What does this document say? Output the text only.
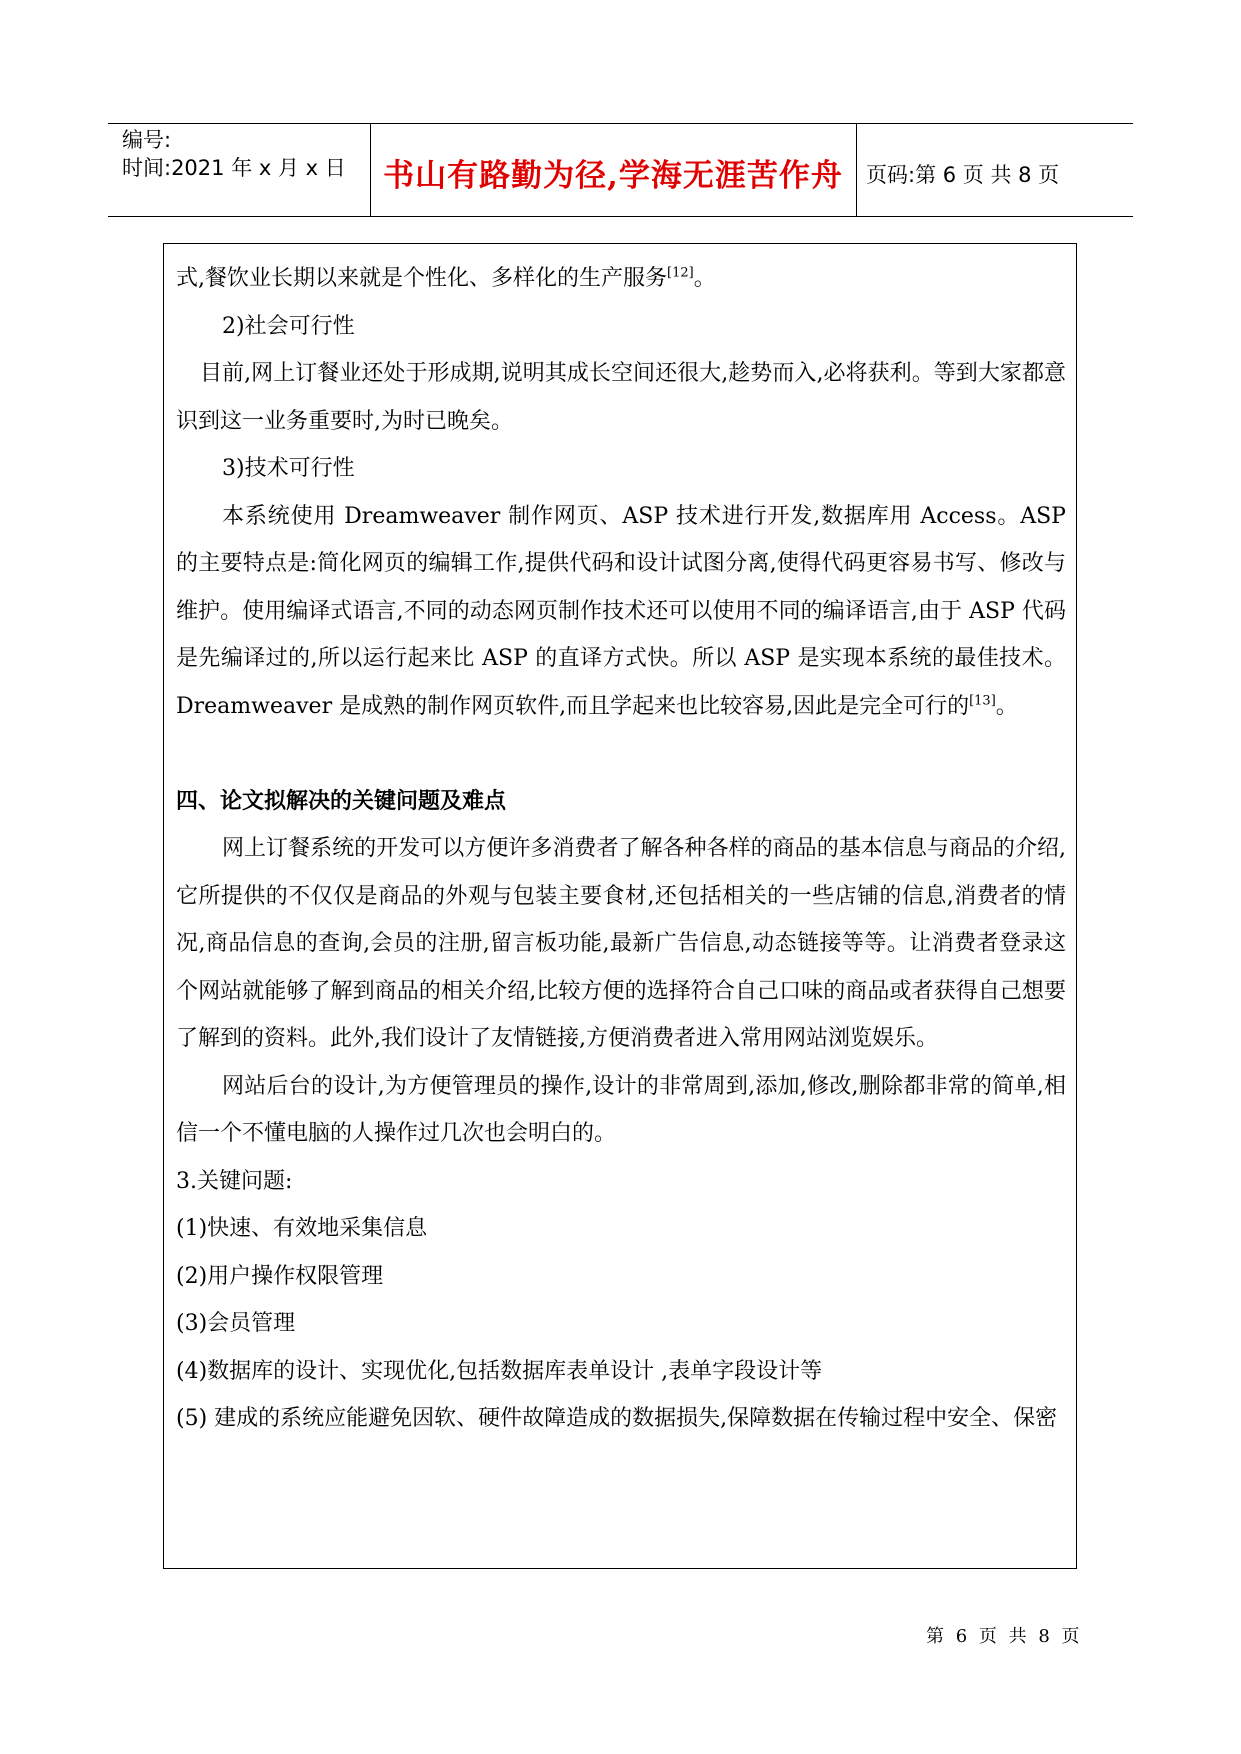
编号:
时间:2021 年 x 月 x 日	书山有路勤为径,学海无涯苦作舟	页码:第 6 页 共 8 页

式,餐饮业长期以来就是个性化、多样化的生产服务[12]。

2)社会可行性

目前,网上订餐业还处于形成期,说明其成长空间还很大,趁势而入,必将获利。等到大家都意识到这一业务重要时,为时已晚矣。

3)技术可行性

本系统使用 Dreamweaver 制作网页、ASP 技术进行开发,数据库用 Access。ASP 的主要特点是:简化网页的编辑工作,提供代码和设计试图分离,使得代码更容易书写、修改与维护。使用编译式语言,不同的动态网页制作技术还可以使用不同的编译语言,由于 ASP 代码是先编译过的,所以运行起来比 ASP 的直译方式快。所以 ASP 是实现本系统的最佳技术。Dreamweaver 是成熟的制作网页软件,而且学起来也比较容易,因此是完全可行的[13]。

四、论文拟解决的关键问题及难点

网上订餐系统的开发可以方便许多消费者了解各种各样的商品的基本信息与商品的介绍,它所提供的不仅仅是商品的外观与包装主要食材,还包括相关的一些店铺的信息,消费者的情况,商品信息的查询,会员的注册,留言板功能,最新广告信息,动态链接等等。让消费者登录这个网站就能够了解到商品的相关介绍,比较方便的选择符合自己口味的商品或者获得自己想要了解到的资料。此外,我们设计了友情链接,方便消费者进入常用网站浏览娱乐。

网站后台的设计,为方便管理员的操作,设计的非常周到,添加,修改,删除都非常的简单,相信一个不懂电脑的人操作过几次也会明白的。

3.关键问题:

(1)快速、有效地采集信息

(2)用户操作权限管理

(3)会员管理

(4)数据库的设计、实现优化,包括数据库表单设计 ,表单字段设计等

(5) 建成的系统应能避免因软、硬件故障造成的数据损失,保障数据在传输过程中安全、保密

第 6 页 共 8 页
